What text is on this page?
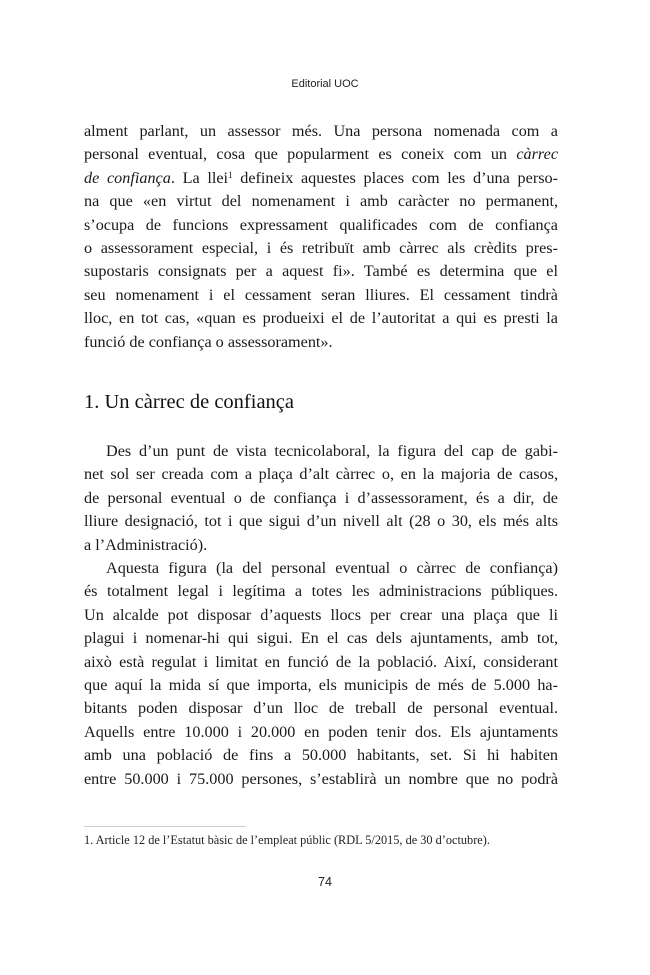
Editorial UOC

alment parlant, un assessor més. Una persona nomenada com a
personal eventual, cosa que popularment es coneix com un càrrec
de confiança. La llei$^1$ defineix aquestes places com les d’una perso-
na que «en virtut del nomenament i amb caràcter no permanent,
s’ocupa de funcions expressament qualificades com de confiança
o assessorament especial, i és retribuït amb càrrec als crèdits pres-
supostaris consignats per a aquest fi». També es determina que el
seu nomenament i el cessament seran lliures. El cessament tindrà
lloc, en tot cas, «quan es produeixi el de l’autoritat a qui es presti la
funció de confiança o assessorament».

1. Un càrrec de confiança

Des d’un punt de vista tecnicolaboral, la figura del cap de gabi-
net sol ser creada com a plaça d’alt càrrec o, en la majoria de casos,
de personal eventual o de confiança i d’assessorament, és a dir, de
lliure designació, tot i que sigui d’un nivell alt (28 o 30, els més alts
a l’Administració).

Aquesta figura (la del personal eventual o càrrec de confiança)
és totalment legal i legítima a totes les administracions públiques.
Un alcalde pot disposar d’aquests llocs per crear una plaça que li
plagui i nomenar-hi qui sigui. En el cas dels ajuntaments, amb tot,
això està regulat i limitat en funció de la població. Així, considerant
que aquí la mida sí que importa, els municipis de més de 5.000 ha-
bitants poden disposar d’un lloc de treball de personal eventual.
Aquells entre 10.000 i 20.000 en poden tenir dos. Els ajuntaments
amb una població de fins a 50.000 habitants, set. Si hi habiten
entre 50.000 i 75.000 persones, s’establirà un nombre que no podrà

1. Article 12 de l’Estatut bàsic de l’empleat públic (RDL 5/2015, de 30 d’octubre).
74
